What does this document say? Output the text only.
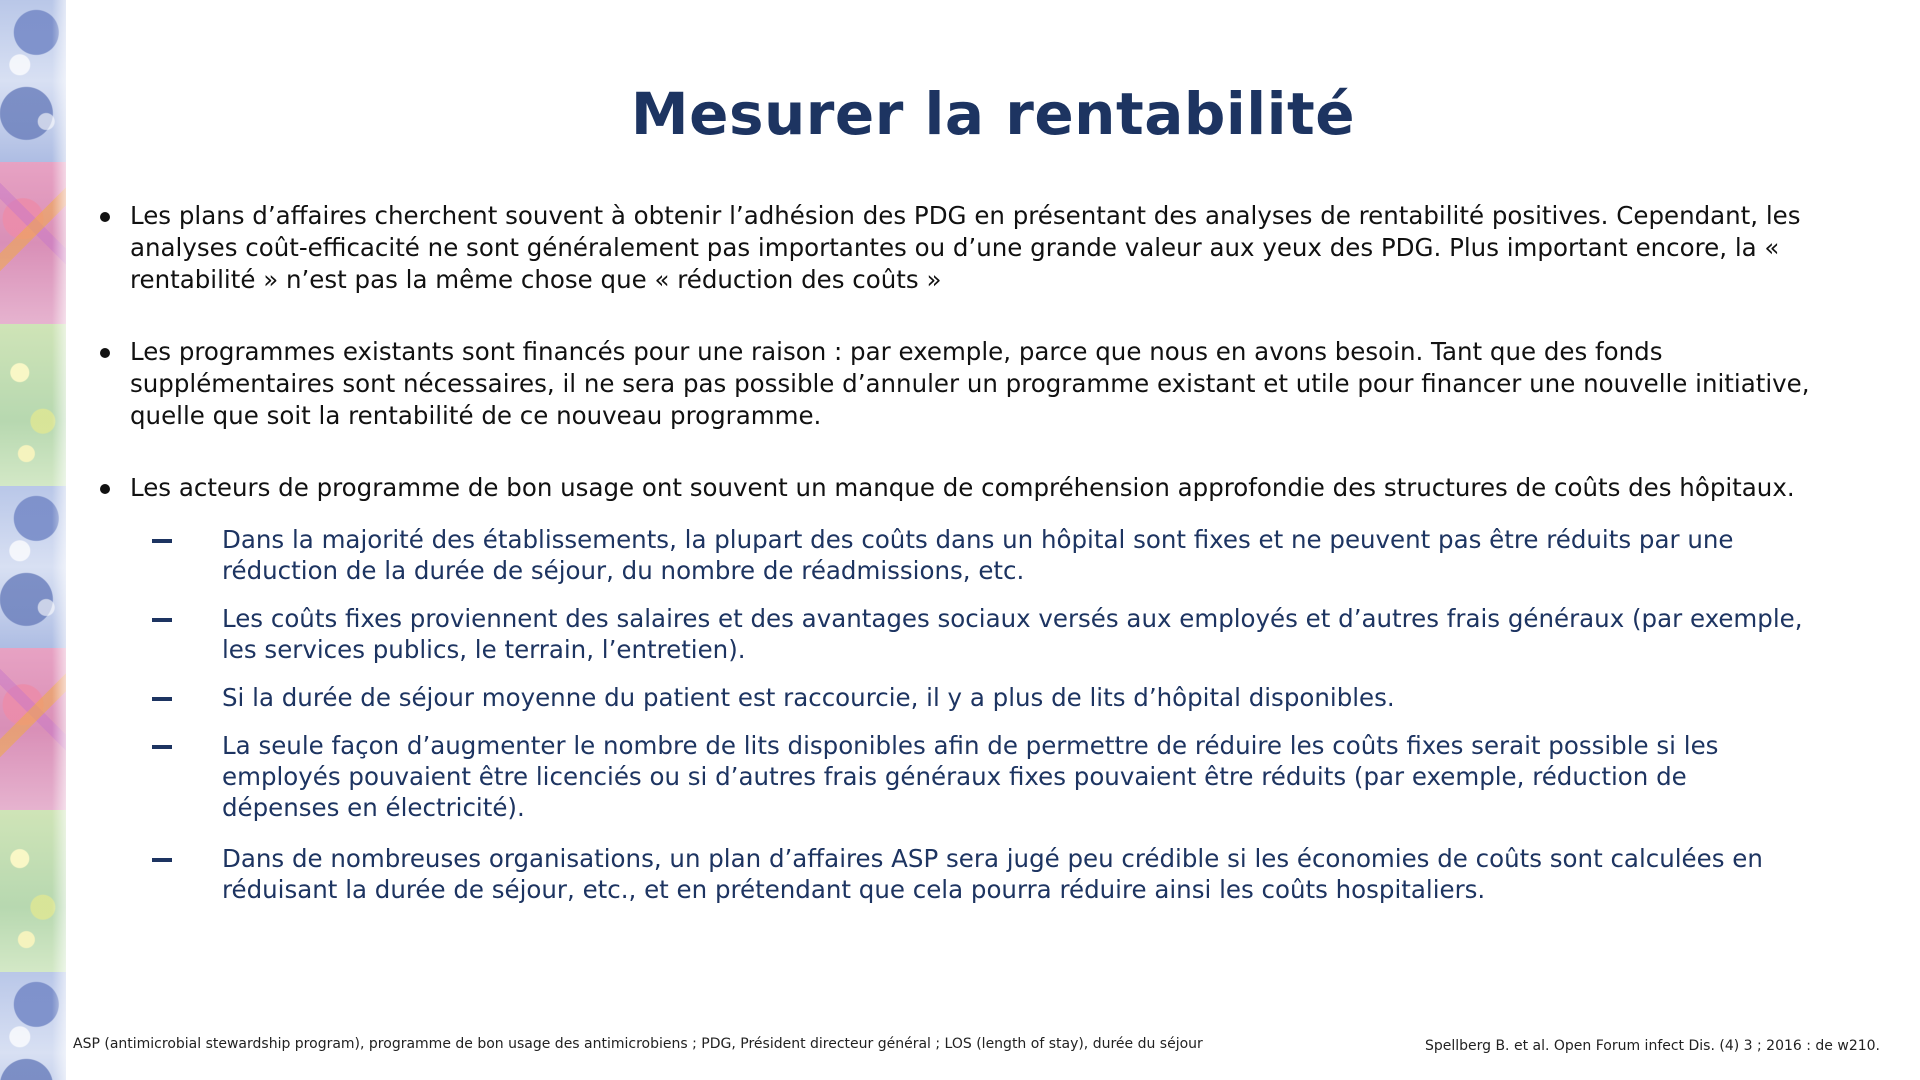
Mesurer la rentabilité
Les plans d’affaires cherchent souvent à obtenir l’adhésion des PDG en présentant des analyses de rentabilité positives. Cependant, les analyses coût-efficacité ne sont généralement pas importantes ou d’une grande valeur aux yeux des PDG. Plus important encore, la « rentabilité » n’est pas la même chose que « réduction des coûts »
Les programmes existants sont financés pour une raison : par exemple, parce que nous en avons besoin. Tant que des fonds supplémentaires sont nécessaires, il ne sera pas possible d’annuler un programme existant et utile pour financer une nouvelle initiative, quelle que soit la rentabilité de ce nouveau programme.
Les acteurs de programme de bon usage ont souvent un manque de compréhension approfondie des structures de coûts des hôpitaux.
Dans la majorité des établissements, la plupart des coûts dans un hôpital sont fixes et ne peuvent pas être réduits par une réduction de la durée de séjour, du nombre de réadmissions, etc.
Les coûts fixes proviennent des salaires et des avantages sociaux versés aux employés et d’autres frais généraux (par exemple, les services publics, le terrain, l’entretien).
Si la durée de séjour moyenne du patient est raccourcie, il y a plus de lits d’hôpital disponibles.
La seule façon d’augmenter le nombre de lits disponibles afin de permettre de réduire les coûts fixes serait possible si les employés pouvaient être licenciés ou si d’autres frais généraux fixes pouvaient être réduits (par exemple, réduction de dépenses en électricité).
Dans de nombreuses organisations, un plan d’affaires ASP sera jugé peu crédible si les économies de coûts sont calculées en réduisant la durée de séjour, etc., et en prétendant que cela pourra réduire ainsi les coûts hospitaliers.
ASP (antimicrobial stewardship program), programme de bon usage des antimicrobiens ; PDG, Président directeur général ; LOS (length of stay), durée du séjour	Spellberg B. et al. Open Forum infect Dis. (4) 3 ; 2016 : de w210.
